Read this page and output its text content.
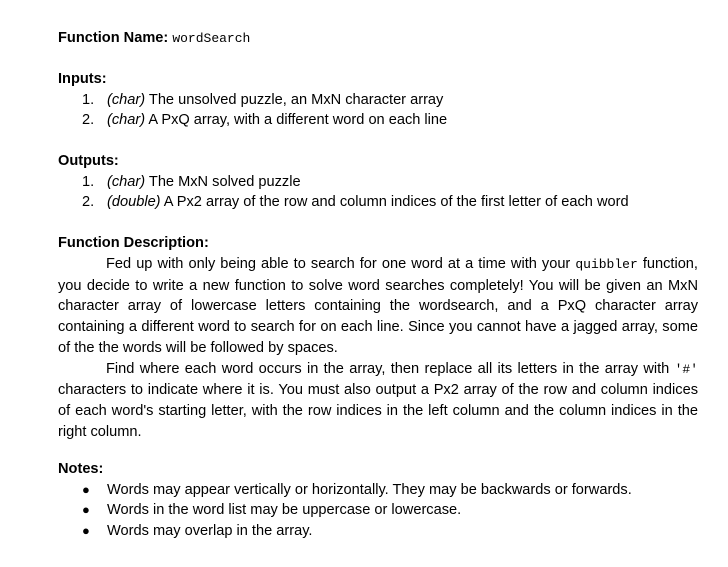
Function Name: wordSearch
Inputs:
1. (char) The unsolved puzzle, an MxN character array
2. (char) A PxQ array, with a different word on each line
Outputs:
1. (char) The MxN solved puzzle
2. (double) A Px2 array of the row and column indices of the first letter of each word
Function Description:

Fed up with only being able to search for one word at a time with your quibbler function, you decide to write a new function to solve word searches completely! You will be given an MxN character array of lowercase letters containing the wordsearch, and a PxQ character array containing a different word to search for on each line. Since you cannot have a jagged array, some of the the words will be followed by spaces.

Find where each word occurs in the array, then replace all its letters in the array with '#' characters to indicate where it is. You must also output a Px2 array of the row and column indices of each word's starting letter, with the row indices in the left column and the column indices in the right column.

Notes:
● Words may appear vertically or horizontally. They may be backwards or forwards.
● Words in the word list may be uppercase or lowercase.
● Words may overlap in the array.
